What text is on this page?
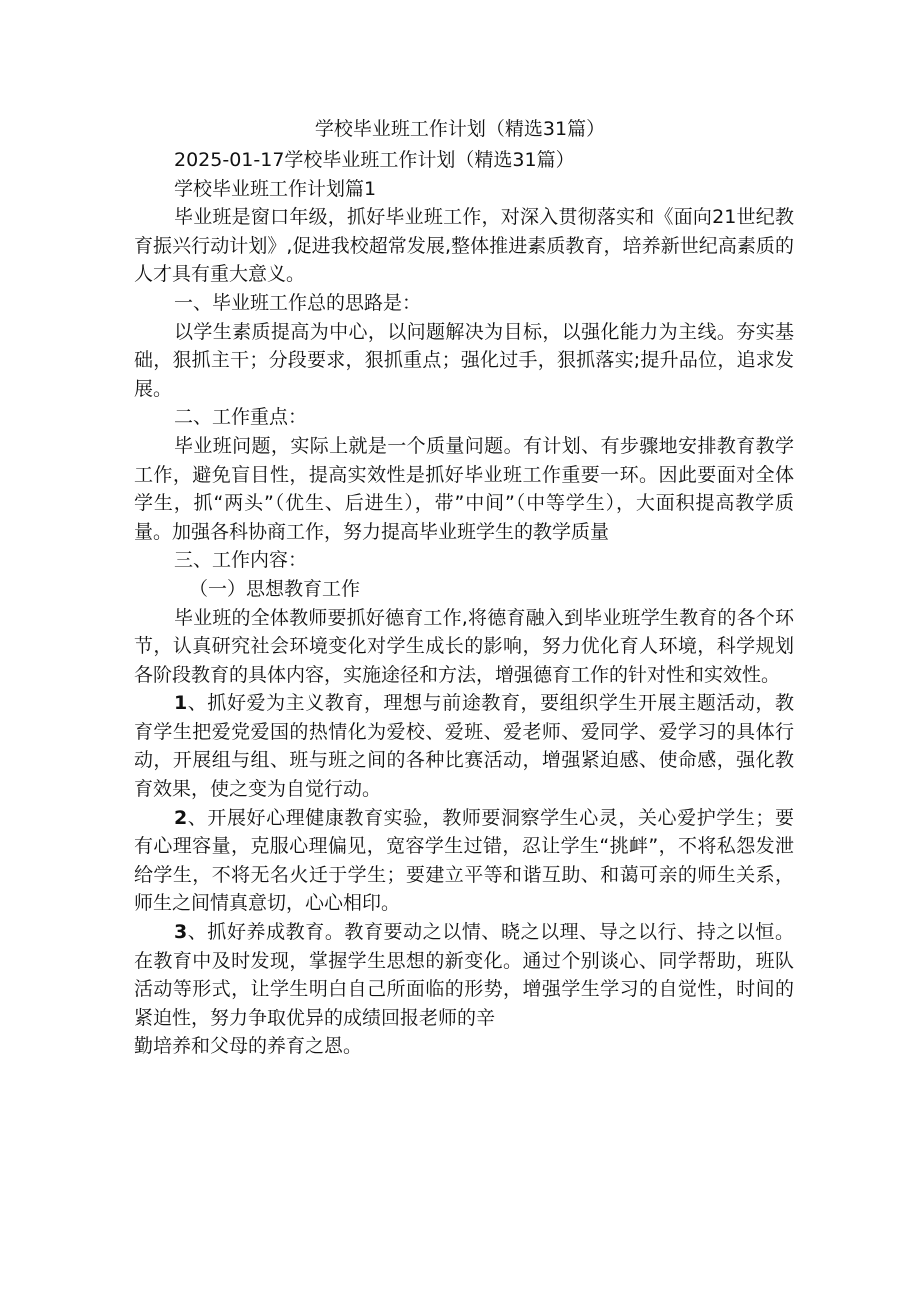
学校毕业班工作计划（精选31篇）

2025-01-17学校毕业班工作计划（精选31篇）

学校毕业班工作计划篇1

毕业班是窗口年级，抓好毕业班工作，对深入贯彻落实和《面向21世纪教育振兴行动计划》,促进我校超常发展,整体推进素质教育，培养新世纪高素质的人才具有重大意义。

一、毕业班工作总的思路是：

以学生素质提高为中心，以问题解决为目标，以强化能力为主线。夯实基础，狠抓主干；分段要求，狠抓重点；强化过手，狠抓落实;提升品位，追求发展。

二、工作重点：

毕业班问题，实际上就是一个质量问题。有计划、有步骤地安排教育教学工作，避免盲目性，提高实效性是抓好毕业班工作重要一环。因此要面对全体学生，抓“两头”（优生、后进生），带”中间”（中等学生），大面积提高教学质量。加强各科协商工作，努力提高毕业班学生的教学质量

三、工作内容：

（一）思想教育工作

毕业班的全体教师要抓好德育工作,将德育融入到毕业班学生教育的各个环节，认真研究社会环境变化对学生成长的影响，努力优化育人环境，科学规划各阶段教育的具体内容，实施途径和方法，增强德育工作的针对性和实效性。

1、抓好爱为主义教育，理想与前途教育，要组织学生开展主题活动，教育学生把爱党爱国的热情化为爱校、爱班、爱老师、爱同学、爱学习的具体行动，开展组与组、班与班之间的各种比赛活动，增强紧迫感、使命感，强化教育效果，使之变为自觉行动。

2、开展好心理健康教育实验，教师要洞察学生心灵，关心爱护学生；要有心理容量，克服心理偏见，宽容学生过错，忍让学生“挑衅”，不将私怨发泄给学生，不将无名火迁于学生；要建立平等和谐互助、和蔼可亲的师生关系，师生之间情真意切，心心相印。

3、抓好养成教育。教育要动之以情、晓之以理、导之以行、持之以恒。在教育中及时发现，掌握学生思想的新变化。通过个别谈心、同学帮助，班队活动等形式，让学生明白自己所面临的形势，增强学生学习的自觉性，时间的紧迫性，努力争取优异的成绩回报老师的辛

勤培养和父母的养育之恩。
